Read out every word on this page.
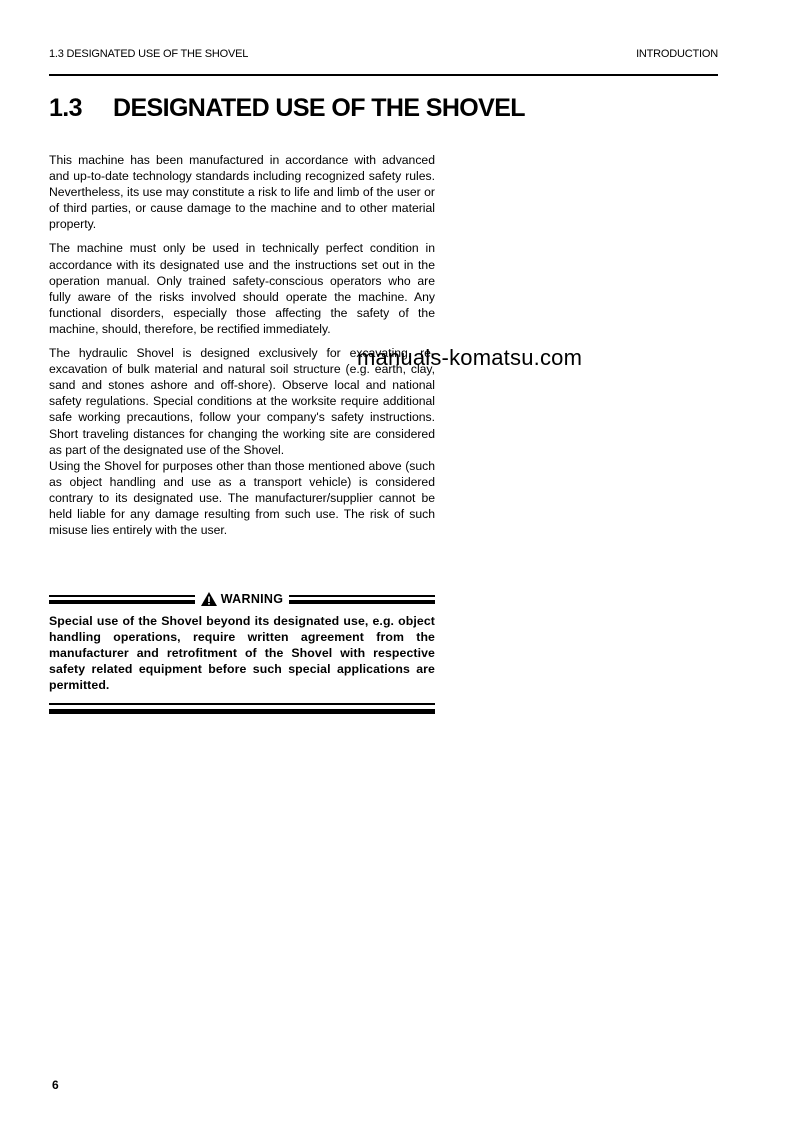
1.3 DESIGNATED USE OF THE SHOVEL	INTRODUCTION
1.3	DESIGNATED USE OF THE SHOVEL

This machine has been manufactured in accordance with advanced and up-to-date technology standards including recognized safety rules. Nevertheless, its use may constitute a risk to life and limb of the user or of third parties, or cause damage to the machine and to other material property.

The machine must only be used in technically perfect condition in accordance with its designated use and the instructions set out in the operation manual. Only trained safety-conscious operators who are fully aware of the risks involved should operate the machine. Any functional disorders, especially those affecting the safety of the machine, should, therefore, be rectified immediately.

The hydraulic Shovel is designed exclusively for excavating, re-excavation of bulk material and natural soil structure (e.g. earth, clay, sand and stones ashore and off-shore). Observe local and national safety regulations. Special conditions at the worksite require additional safe working precautions, follow your company's safety instructions. Short traveling distances for changing the working site are considered as part of the designated use of the Shovel.

Using the Shovel for purposes other than those mentioned above (such as object handling and use as a transport vehicle) is considered contrary to its designated use. The manufacturer/supplier cannot be held liable for any damage resulting from such use. The risk of such misuse lies entirely with the user.

manuals-komatsu.com
WARNING
Special use of the Shovel beyond its designated use, e.g. object handling operations, require written agreement from the manufacturer and retrofitment of the Shovel with respective safety related equipment before such special applications are permitted.
6
